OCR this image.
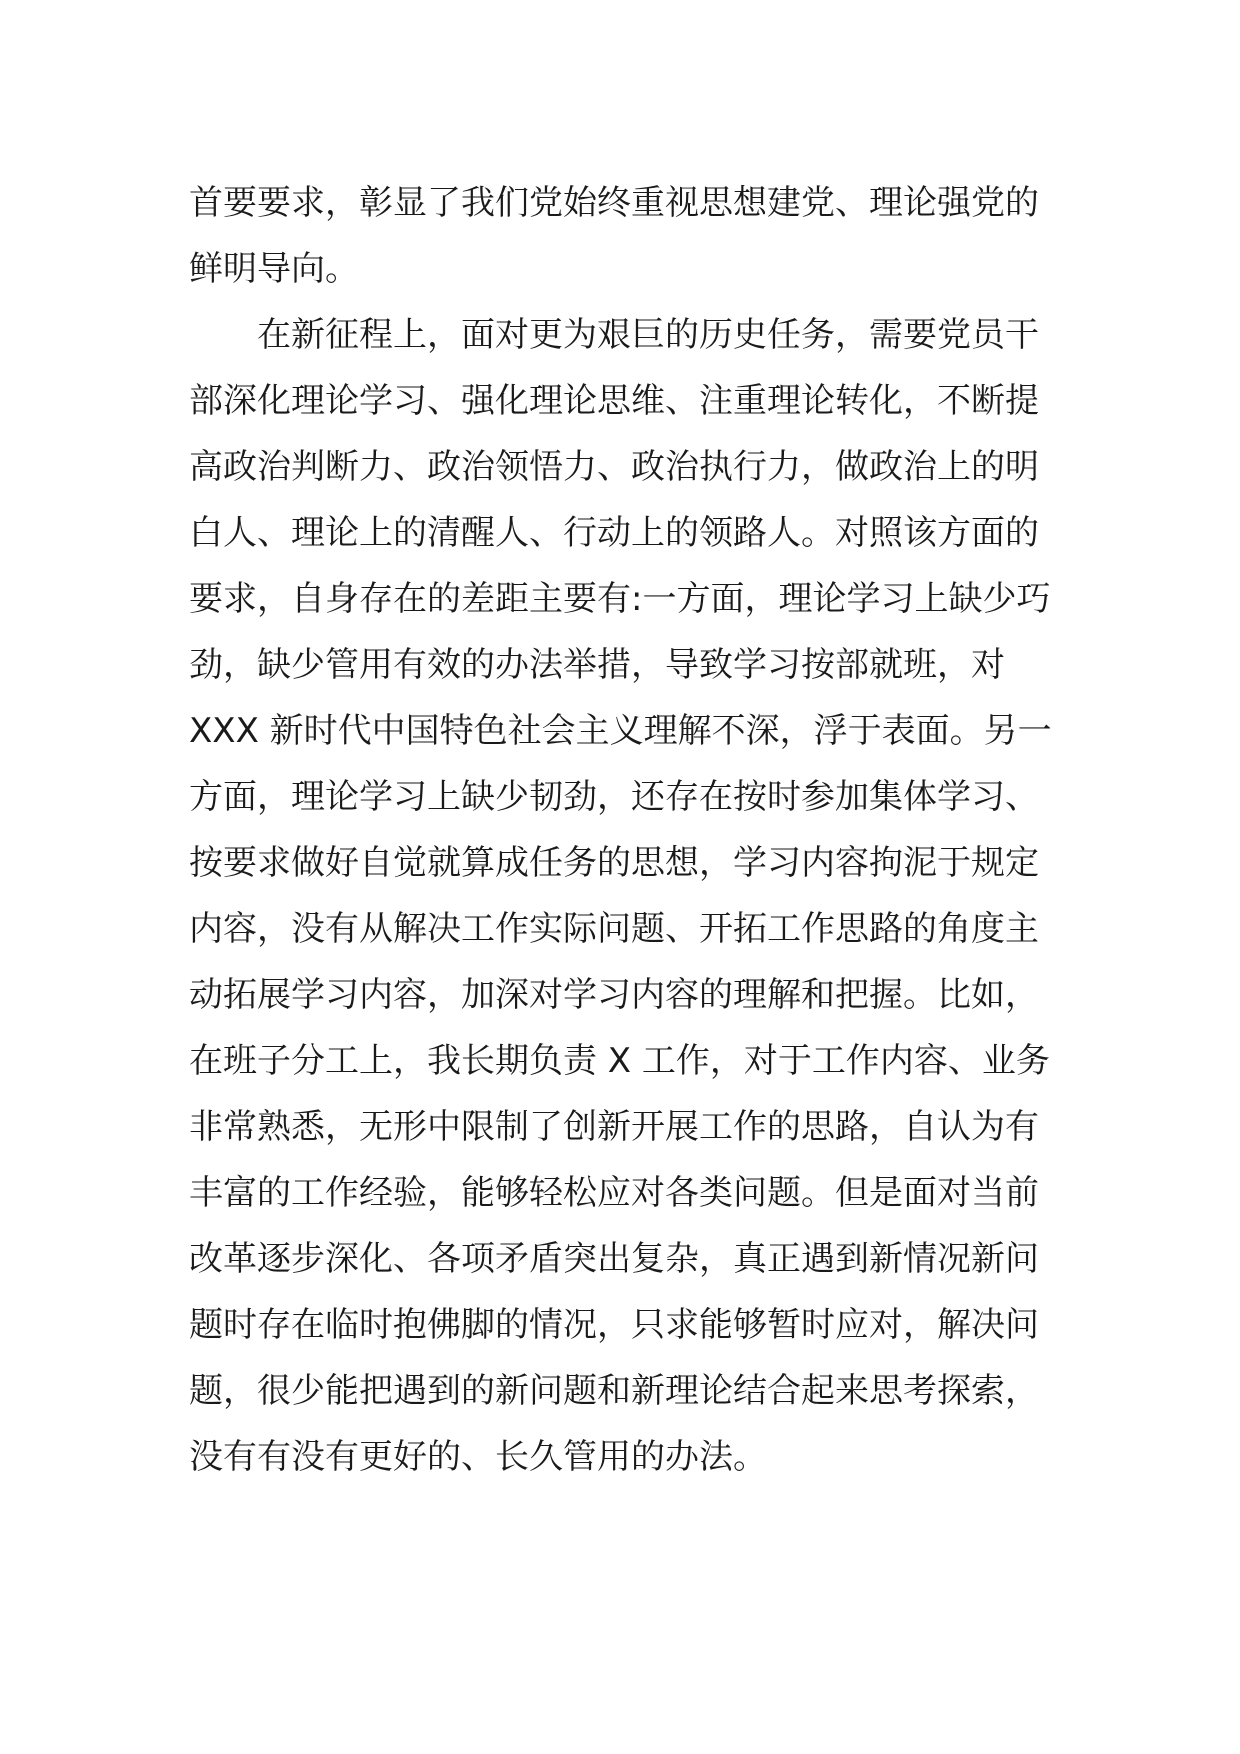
首要要求，彰显了我们党始终重视思想建党、理论强党的
鲜明导向。
　　在新征程上，面对更为艰巨的历史任务，需要党员干
部深化理论学习、强化理论思维、注重理论转化，不断提
高政治判断力、政治领悟力、政治执行力，做政治上的明
白人、理论上的清醒人、行动上的领路人。对照该方面的
要求，自身存在的差距主要有:一方面，理论学习上缺少巧
劲，缺少管用有效的办法举措，导致学习按部就班，对
XXX 新时代中国特色社会主义理解不深，浮于表面。另一
方面，理论学习上缺少韧劲，还存在按时参加集体学习、
按要求做好自觉就算成任务的思想，学习内容拘泥于规定
内容，没有从解决工作实际问题、开拓工作思路的角度主
动拓展学习内容，加深对学习内容的理解和把握。比如，
在班子分工上，我长期负责 X 工作，对于工作内容、业务
非常熟悉，无形中限制了创新开展工作的思路，自认为有
丰富的工作经验，能够轻松应对各类问题。但是面对当前
改革逐步深化、各项矛盾突出复杂，真正遇到新情况新问
题时存在临时抱佛脚的情况，只求能够暂时应对，解决问
题，很少能把遇到的新问题和新理论结合起来思考探索，
没有有没有更好的、长久管用的办法。
